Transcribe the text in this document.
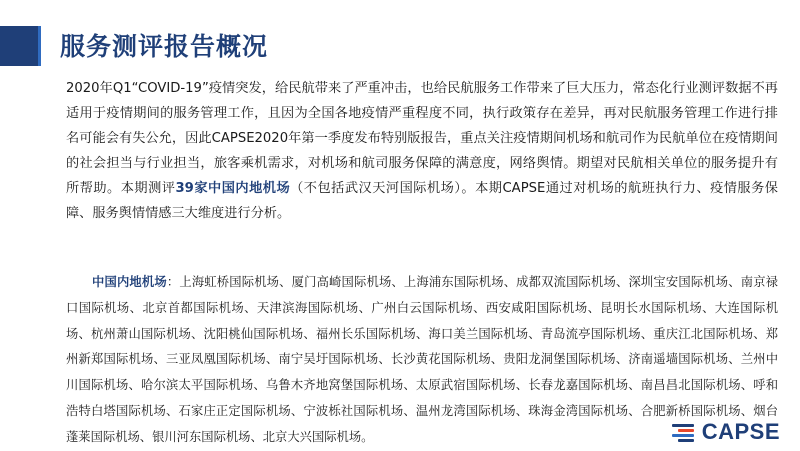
服务测评报告概况

2020年Q1“COVID-19”疫情突发，给民航带来了严重冲击，也给民航服务工作带来了巨大压力，常态化行业测评数据不再适用于疫情期间的服务管理工作，且因为全国各地疫情严重程度不同，执行政策存在差异，再对民航服务管理工作进行排名可能会有失公允，因此CAPSE2020年第一季度发布特别版报告，重点关注疫情期间机场和航司作为民航单位在疫情期间的社会担当与行业担当，旅客乘机需求，对机场和航司服务保障的满意度，网络舆情。期望对民航相关单位的服务提升有所帮助。本期测评39家中国内地机场（不包括武汉天河国际机场）。本期CAPSE通过对机场的航班执行力、疫情服务保障、服务舆情情感三大维度进行分析。

中国内地机场：上海虹桥国际机场、厦门高崎国际机场、上海浦东国际机场、成都双流国际机场、深圳宝安国际机场、南京禄口国际机场、北京首都国际机场、天津滨海国际机场、广州白云国际机场、西安咸阳国际机场、昆明长水国际机场、大连国际机场、杭州萧山国际机场、沈阳桃仙国际机场、福州长乐国际机场、海口美兰国际机场、青岛流亭国际机场、重庆江北国际机场、郑州新郑国际机场、三亚凤凰国际机场、南宁吴圩国际机场、长沙黄花国际机场、贵阳龙洞堡国际机场、济南遥墙国际机场、兰州中川国际机场、哈尔滨太平国际机场、乌鲁木齐地窝堡国际机场、太原武宿国际机场、长春龙嘉国际机场、南昌昌北国际机场、呼和浩特白塔国际机场、石家庄正定国际机场、宁波栎社国际机场、温州龙湾国际机场、珠海金湾国际机场、合肥新桥国际机场、烟台蓬莱国际机场、银川河东国际机场、北京大兴国际机场。	CAPSE
